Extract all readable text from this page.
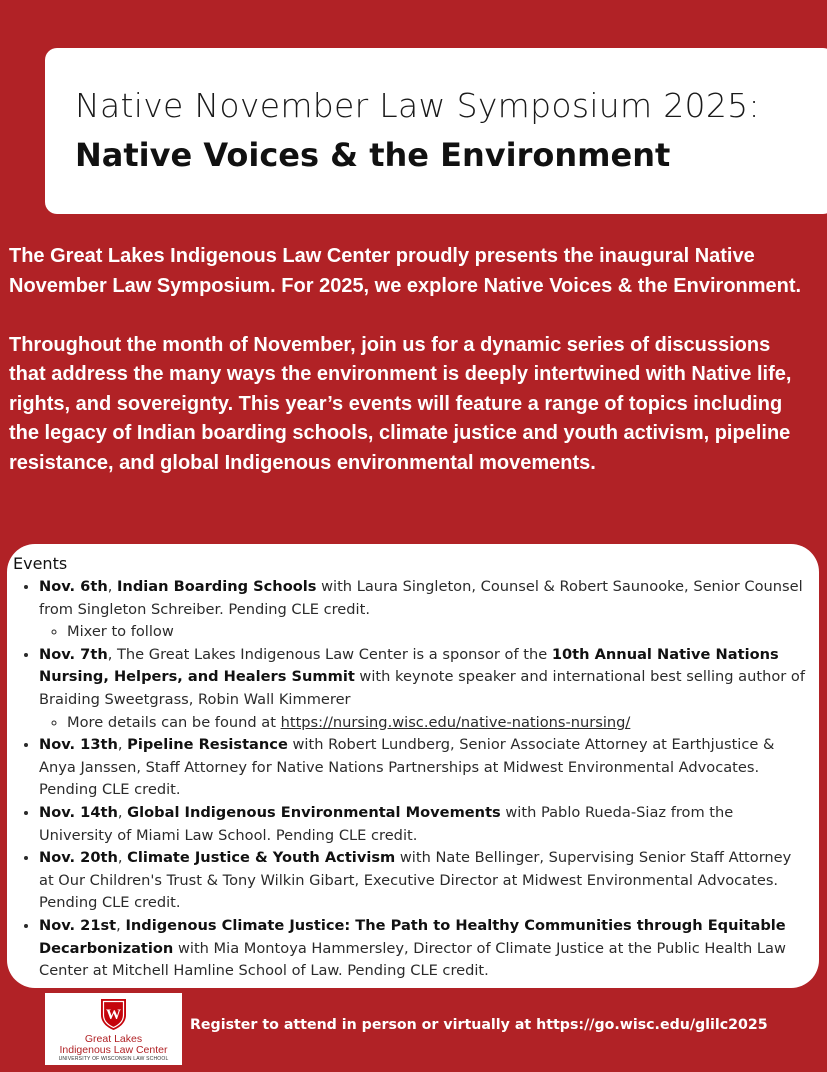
Native November Law Symposium 2025:
Native Voices & the Environment

The Great Lakes Indigenous Law Center proudly presents the inaugural Native November Law Symposium. For 2025, we explore Native Voices & the Environment.

Throughout the month of November, join us for a dynamic series of discussions that address the many ways the environment is deeply intertwined with Native life, rights, and sovereignty. This year’s events will feature a range of topics including the legacy of Indian boarding schools, climate justice and youth activism, pipeline resistance, and global Indigenous environmental movements.

Events
• Nov. 6th, Indian Boarding Schools with Laura Singleton, Counsel & Robert Saunooke, Senior Counsel from Singleton Schreiber. Pending CLE credit.
◦ Mixer to follow
• Nov. 7th, The Great Lakes Indigenous Law Center is a sponsor of the 10th Annual Native Nations Nursing, Helpers, and Healers Summit with keynote speaker and international best selling author of Braiding Sweetgrass, Robin Wall Kimmerer
◦ More details can be found at https://nursing.wisc.edu/native-nations-nursing/
• Nov. 13th, Pipeline Resistance with Robert Lundberg, Senior Associate Attorney at Earthjustice & Anya Janssen, Staff Attorney for Native Nations Partnerships at Midwest Environmental Advocates. Pending CLE credit.
• Nov. 14th, Global Indigenous Environmental Movements with Pablo Rueda-Siaz from the University of Miami Law School. Pending CLE credit.
• Nov. 20th, Climate Justice & Youth Activism with Nate Bellinger, Supervising Senior Staff Attorney at Our Children's Trust & Tony Wilkin Gibart, Executive Director at Midwest Environmental Advocates. Pending CLE credit.
• Nov. 21st, Indigenous Climate Justice: The Path to Healthy Communities through Equitable Decarbonization with Mia Montoya Hammersley, Director of Climate Justice at the Public Health Law Center at Mitchell Hamline School of Law. Pending CLE credit.
W
Great Lakes
Indigenous Law Center
UNIVERSITY OF WISCONSIN LAW SCHOOL
Register to attend in person or virtually at https://go.wisc.edu/glilc2025
